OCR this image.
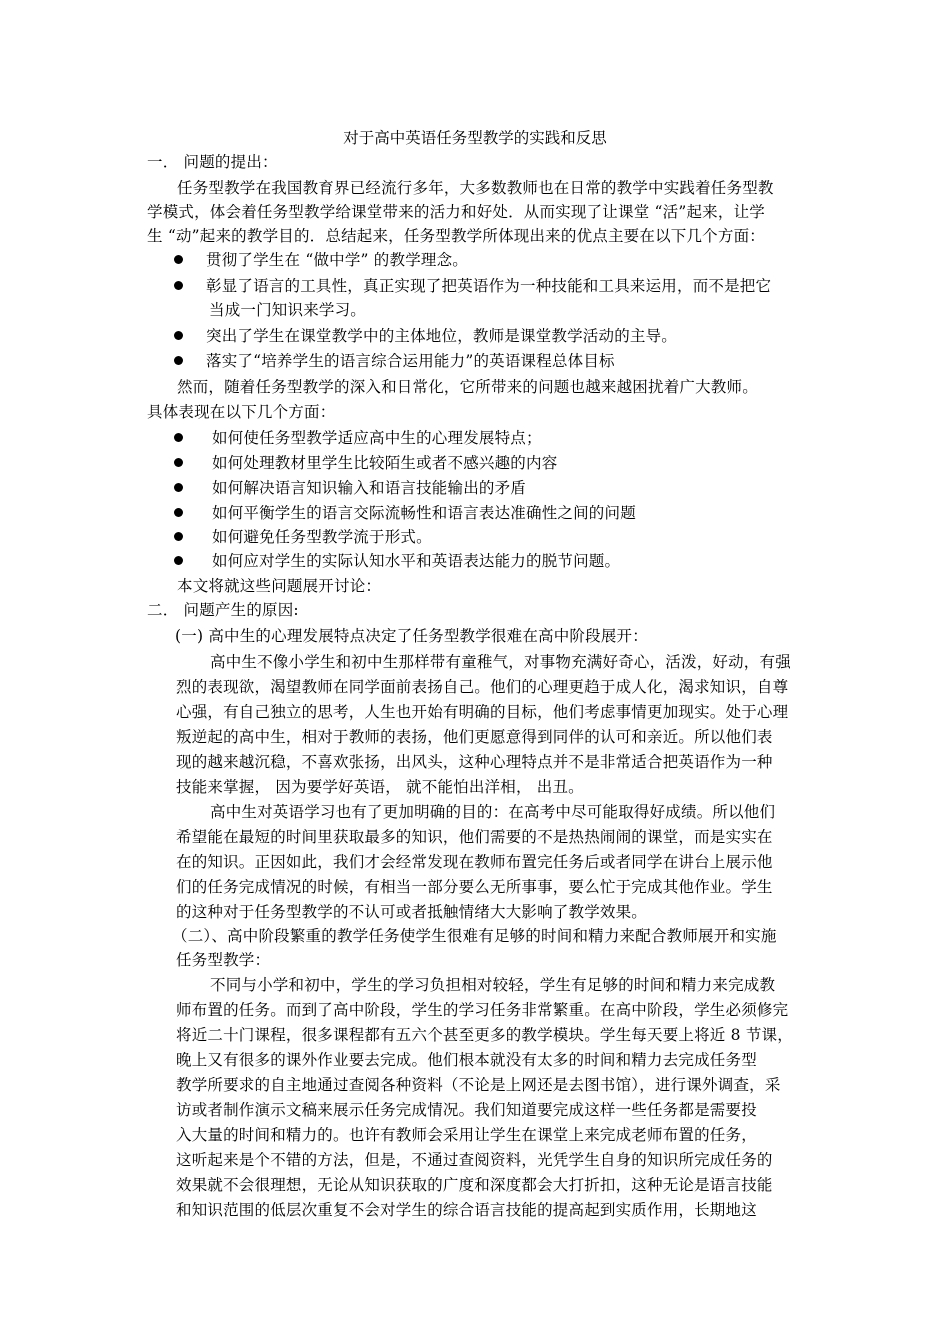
对于高中英语任务型教学的实践和反思
一． 问题的提出：
任务型教学在我国教育界已经流行多年，大多数教师也在日常的教学中实践着任务型教
学模式，体会着任务型教学给课堂带来的活力和好处．从而实现了让课堂 “活”起来，让学
生 “动”起来的教学目的．总结起来，任务型教学所体现出来的优点主要在以下几个方面：
贯彻了学生在 “做中学” 的教学理念。
彰显了语言的工具性，真正实现了把英语作为一种技能和工具来运用，而不是把它
当成一门知识来学习。
突出了学生在课堂教学中的主体地位，教师是课堂教学活动的主导。
落实了“培养学生的语言综合运用能力”的英语课程总体目标
然而，随着任务型教学的深入和日常化，它所带来的问题也越来越困扰着广大教师。
具体表现在以下几个方面：
如何使任务型教学适应高中生的心理发展特点；
如何处理教材里学生比较陌生或者不感兴趣的内容
如何解决语言知识输入和语言技能输出的矛盾
如何平衡学生的语言交际流畅性和语言表达准确性之间的问题
如何避免任务型教学流于形式。
如何应对学生的实际认知水平和英语表达能力的脱节问题。
本文将就这些问题展开讨论：
二． 问题产生的原因:
(一) 高中生的心理发展特点决定了任务型教学很难在高中阶段展开：
高中生不像小学生和初中生那样带有童稚气，对事物充满好奇心，活泼，好动，有强
烈的表现欲，渴望教师在同学面前表扬自己。他们的心理更趋于成人化，渴求知识，自尊
心强，有自己独立的思考，人生也开始有明确的目标，他们考虑事情更加现实。处于心理
叛逆起的高中生，相对于教师的表扬，他们更愿意得到同伴的认可和亲近。所以他们表
现的越来越沉稳，不喜欢张扬，出风头，这种心理特点并不是非常适合把英语作为一种
技能来掌握， 因为要学好英语， 就不能怕出洋相， 出丑。
高中生对英语学习也有了更加明确的目的：在高考中尽可能取得好成绩。所以他们
希望能在最短的时间里获取最多的知识，他们需要的不是热热闹闹的课堂，而是实实在
在的知识。正因如此，我们才会经常发现在教师布置完任务后或者同学在讲台上展示他
们的任务完成情况的时候，有相当一部分要么无所事事，要么忙于完成其他作业。学生
的这种对于任务型教学的不认可或者抵触情绪大大影响了教学效果。
（二）、高中阶段繁重的教学任务使学生很难有足够的时间和精力来配合教师展开和实施
任务型教学：
不同与小学和初中，学生的学习负担相对较轻，学生有足够的时间和精力来完成教
师布置的任务。而到了高中阶段，学生的学习任务非常繁重。在高中阶段，学生必须修完
将近二十门课程，很多课程都有五六个甚至更多的教学模块。学生每天要上将近 8 节课，
晚上又有很多的课外作业要去完成。他们根本就没有太多的时间和精力去完成任务型
教学所要求的自主地通过查阅各种资料（不论是上网还是去图书馆），进行课外调查，采
访或者制作演示文稿来展示任务完成情况。我们知道要完成这样一些任务都是需要投
入大量的时间和精力的。也许有教师会采用让学生在课堂上来完成老师布置的任务，
这听起来是个不错的方法，但是，不通过查阅资料，光凭学生自身的知识所完成任务的
效果就不会很理想，无论从知识获取的广度和深度都会大打折扣，这种无论是语言技能
和知识范围的低层次重复不会对学生的综合语言技能的提高起到实质作用，长期地这
